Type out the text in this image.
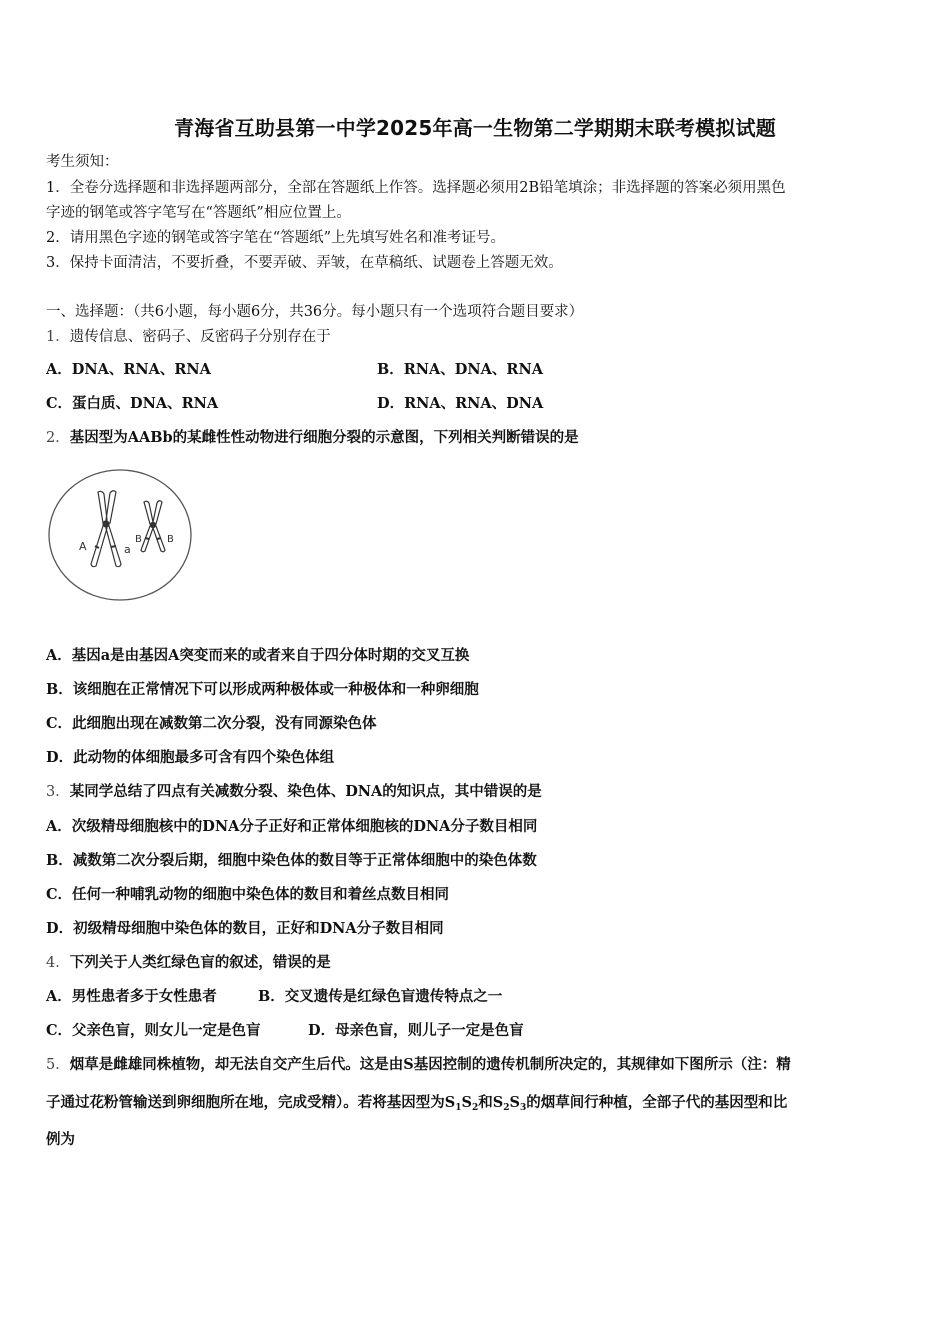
青海省互助县第一中学2025年高一生物第二学期期末联考模拟试题
考生须知：
1．全卷分选择题和非选择题两部分，全部在答题纸上作答。选择题必须用2B铅笔填涂；非选择题的答案必须用黑色
字迹的钢笔或答字笔写在“答题纸”相应位置上。
2．请用黑色字迹的钢笔或答字笔在“答题纸”上先填写姓名和准考证号。
3．保持卡面清洁，不要折叠，不要弄破、弄皱，在草稿纸、试题卷上答题无效。
一、选择题：（共6小题，每小题6分，共36分。每小题只有一个选项符合题目要求）
1．遗传信息、密码子、反密码子分别存在于
A．DNA、RNA、RNA	B．RNA、DNA、RNA
C．蛋白质、DNA、RNA	D．RNA、RNA、DNA
2．基因型为AABb的某雌性性动物进行细胞分裂的示意图，下列相关判断错误的是
A	a
B	B
A．基因a是由基因A突变而来的或者来自于四分体时期的交叉互换
B．该细胞在正常情况下可以形成两种极体或一种极体和一种卵细胞
C．此细胞出现在减数第二次分裂，没有同源染色体
D．此动物的体细胞最多可含有四个染色体组
3．某同学总结了四点有关减数分裂、染色体、DNA的知识点，其中错误的是
A．次级精母细胞核中的DNA分子正好和正常体细胞核的DNA分子数目相同
B．减数第二次分裂后期，细胞中染色体的数目等于正常体细胞中的染色体数
C．任何一种哺乳动物的细胞中染色体的数目和着丝点数目相同
D．初级精母细胞中染色体的数目，正好和DNA分子数目相同
4．下列关于人类红绿色盲的叙述，错误的是
A．男性患者多于女性患者	B．交叉遗传是红绿色盲遗传特点之一
C．父亲色盲，则女儿一定是色盲	D．母亲色盲，则儿子一定是色盲
5．烟草是雌雄同株植物，却无法自交产生后代。这是由S基因控制的遗传机制所决定的，其规律如下图所示（注：精
子通过花粉管输送到卵细胞所在地，完成受精）。若将基因型为$S_1S_2$和$S_2S_3$的烟草间行种植，全部子代的基因型和比
例为
